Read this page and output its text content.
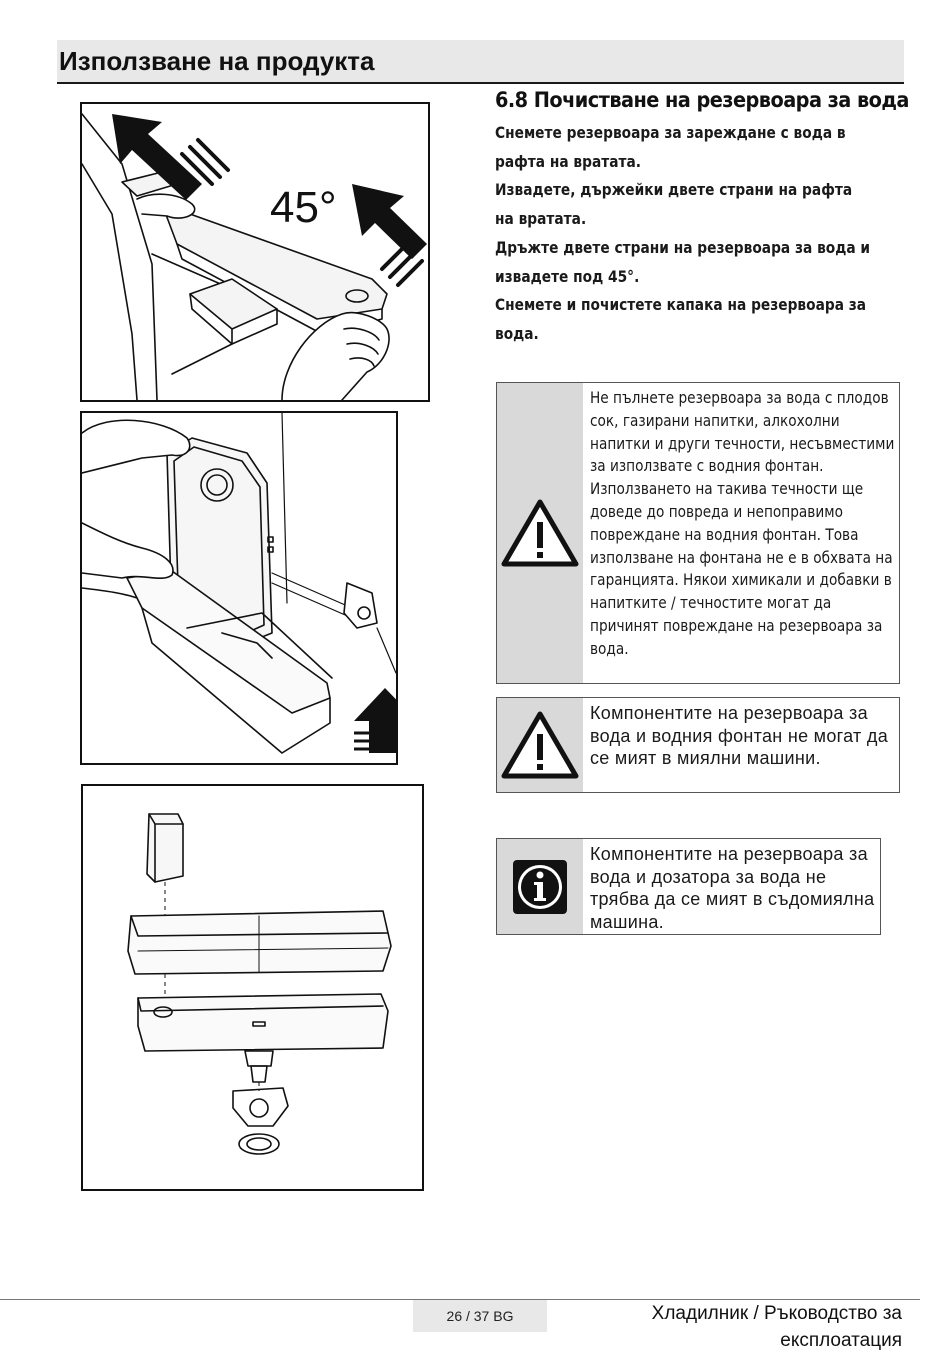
Използване на продукта
45°
6.8 Почистване на резервоара за вода
Снемете резервоара за зареждане с вода в рафта на вратата.
Извадете, държейки двете страни на рафта на вратата.
Дръжте двете страни на резервоара за вода и извадете под 45°.
Снемете и почистете капака на резервоара за вода.
Не пълнете резервоара за вода с плодов сок, газирани напитки, алкохолни напитки и други течности, несъвместими за използвате с водния фонтан. Използването на такива течности ще доведе до повреда и непоправимо повреждане на водния фонтан. Това използване на фонтана не е в обхвата на гаранцията. Някои химикали и добавки в напитките / течностите могат да причинят повреждане на резервоара за вода.
Компонентите на резервоара за вода и водния фонтан не могат да се мият в миялни машини.
Компонентите на резервоара за вода и дозатора за вода не трябва да се мият в съдомиялна машина.
26 / 37 BG	Хладилник / Ръководство за
експлоатация
